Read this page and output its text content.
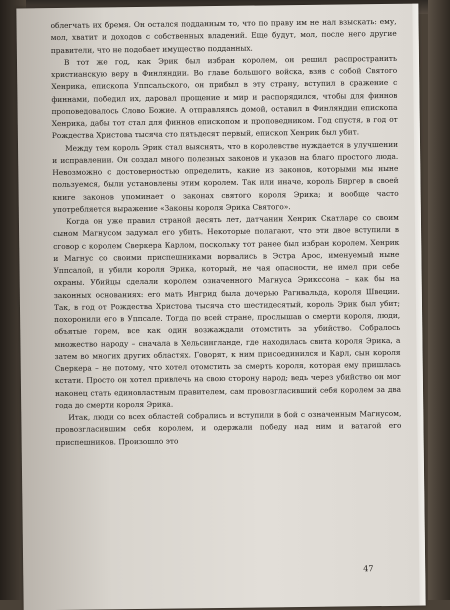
облегчать их бремя. Он остался подданным то, что по праву им не нал взыскать: ему, мол, хватит и доходов с собственных владений. Еще будут, мол, после него другие правители, что не подобает имущество подданных.

В тот же год, как Эрик был избран королем, он решил распространить христианскую веру в Финляндии. Во главе большого войска, взяв с собой Святого Хенрика, епископа Уппсальского, он прибыл в эту страну, вступил в сражение с финнами, победил их, даровал прощение и мир и распорядился, чтобы для финнов проповедовалось Слово Божие. А отправляясь домой, оставил в Финляндии епископа Хенрика, дабы тот стал для финнов епископом и проповедником. Год спустя, в год от Рождества Христова тысяча сто пятьдесят первый, епископ Хенрик был убит.

Между тем король Эрик стал выяснять, что в королевстве нуждается в улучшении и исправлении. Он создал много полезных законов и указов на благо простого люда. Невозможно с достоверностью определить, какие из законов, которыми мы ныне пользуемся, были установлены этим королем. Так или иначе, король Биргер в своей книге законов упоминает о законах святого короля Эрика; и вообще часто употребляется выражение «Законы короля Эрика Святого».

Когда он уже правил страной десять лет, датчанин Хенрик Скатларе со своим сыном Магнусом задумал его убить. Некоторые полагают, что эти двое вступили в сговор с королем Сверкера Карлом, поскольку тот ранее был избран королем. Хенрик и Магнус со своими приспешниками ворвались в Эстра Арос, именуемый ныне Уппсалой, и убили короля Эрика, который, не чая опасности, не имел при себе охраны. Убийцы сделали королем означенного Магнуса Эрикссона – как бы на законных основаниях: его мать Ингрид была дочерью Рагнвальда, короля Швеции. Так, в год от Рождества Христова тысяча сто шестидесятый, король Эрик был убит; похоронили его в Уппсале. Тогда по всей стране, прослышав о смерти короля, люди, объятые горем, все как один возжаждали отомстить за убийство. Собралось множество народу – сначала в Хельсингланде, где находилась свита короля Эрика, а затем во многих других областях. Говорят, к ним присоединился и Карл, сын короля Сверкера – не потому, что хотел отомстить за смерть короля, которая ему пришлась кстати. Просто он хотел привлечь на свою сторону народ; ведь через убийство он мог наконец стать единовластным правителем, сам провозгласивший себя королем за два года до смерти короля Эрика.

Итак, люди со всех областей собрались и вступили в бой с означенным Магнусом, провозгласившим себя королем, и одержали победу над ним и ватагой его приспешников. Произошло это

47
